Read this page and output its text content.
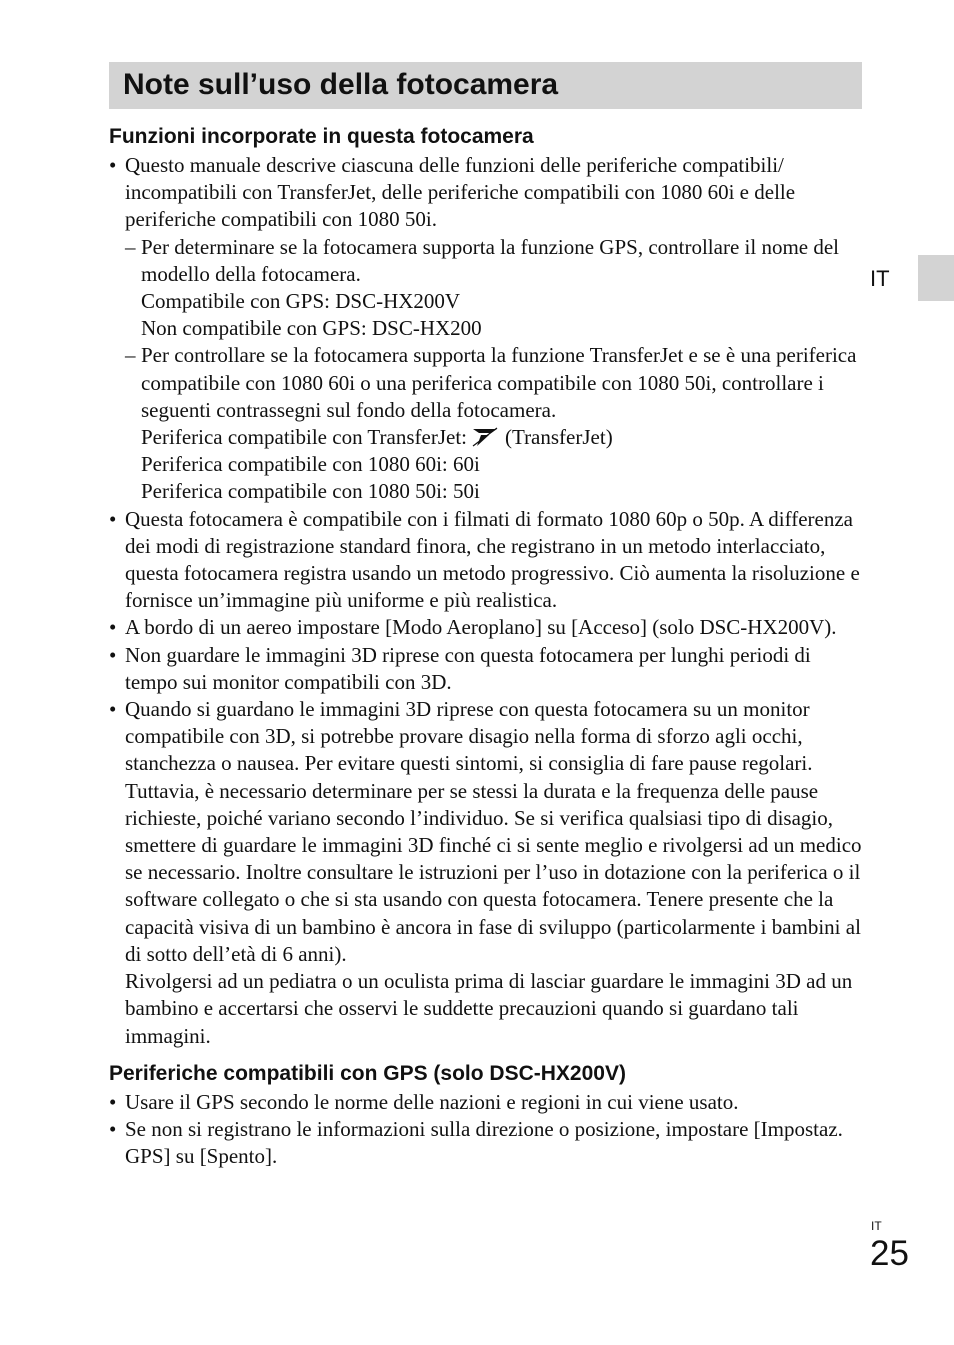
Note sull’uso della fotocamera
IT
Funzioni incorporate in questa fotocamera

• Questo manuale descrive ciascuna delle funzioni delle periferiche compatibili/ incompatibili con TransferJet, delle periferiche compatibili con 1080 60i e delle periferiche compatibili con 1080 50i.

– Per determinare se la fotocamera supporta la funzione GPS, controllare il nome del modello della fotocamera.

Compatibile con GPS: DSC-HX200V

Non compatibile con GPS: DSC-HX200

– Per controllare se la fotocamera supporta la funzione TransferJet e se è una periferica compatibile con 1080 60i o una periferica compatibile con 1080 50i, controllare i seguenti contrassegni sul fondo della fotocamera.

Periferica compatibile con TransferJet: (TransferJet)

Periferica compatibile con 1080 60i: 60i

Periferica compatibile con 1080 50i: 50i

• Questa fotocamera è compatibile con i filmati di formato 1080 60p o 50p. A differenza dei modi di registrazione standard finora, che registrano in un metodo interlacciato, questa fotocamera registra usando un metodo progressivo. Ciò aumenta la risoluzione e fornisce un’immagine più uniforme e più realistica.

• A bordo di un aereo impostare [Modo Aeroplano] su [Acceso] (solo DSC-HX200V).

• Non guardare le immagini 3D riprese con questa fotocamera per lunghi periodi di tempo sui monitor compatibili con 3D.

• Quando si guardano le immagini 3D riprese con questa fotocamera su un monitor compatibile con 3D, si potrebbe provare disagio nella forma di sforzo agli occhi, stanchezza o nausea. Per evitare questi sintomi, si consiglia di fare pause regolari. Tuttavia, è necessario determinare per se stessi la durata e la frequenza delle pause richieste, poiché variano secondo l’individuo. Se si verifica qualsiasi tipo di disagio, smettere di guardare le immagini 3D finché ci si sente meglio e rivolgersi ad un medico se necessario. Inoltre consultare le istruzioni per l’uso in dotazione con la periferica o il software collegato o che si sta usando con questa fotocamera. Tenere presente che la capacità visiva di un bambino è ancora in fase di sviluppo (particolarmente i bambini al di sotto dell’età di 6 anni).

Rivolgersi ad un pediatra o un oculista prima di lasciar guardare le immagini 3D ad un bambino e accertarsi che osservi le suddette precauzioni quando si guardano tali immagini.

Periferiche compatibili con GPS (solo DSC-HX200V)

• Usare il GPS secondo le norme delle nazioni e regioni in cui viene usato.

• Se non si registrano le informazioni sulla direzione o posizione, impostare [Impostaz. GPS] su [Spento].

IT
25
